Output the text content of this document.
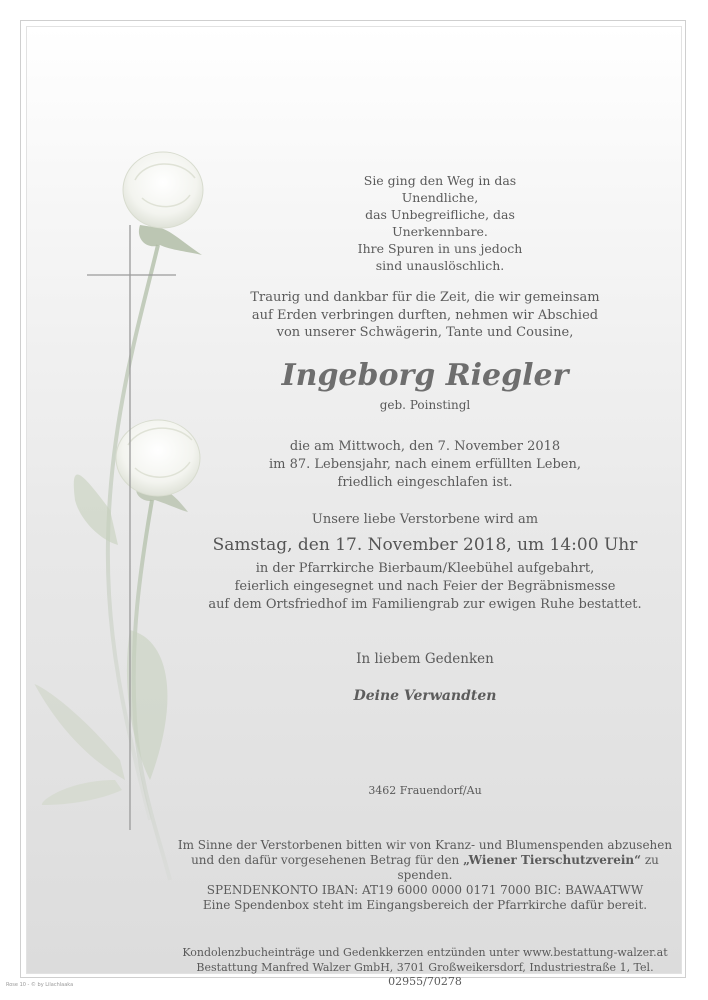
Sie ging den Weg in das Unendliche,
das Unbegreifliche, das Unerkennbare.
Ihre Spuren in uns jedoch
sind unauslöschlich.
Traurig und dankbar für die Zeit, die wir gemeinsam
auf Erden verbringen durften, nehmen wir Abschied
von unserer Schwägerin, Tante und Cousine,
Ingeborg Riegler
geb. Poinstingl
die am Mittwoch, den 7. November 2018
im 87. Lebensjahr, nach einem erfüllten Leben,
friedlich eingeschlafen ist.
Unsere liebe Verstorbene wird am
Samstag, den 17. November 2018, um 14:00 Uhr
in der Pfarrkirche Bierbaum/Kleebühel aufgebahrt,
feierlich eingesegnet und nach Feier der Begräbnismesse
auf dem Ortsfriedhof im Familiengrab zur ewigen Ruhe bestattet.
In liebem Gedenken
Deine Verwandten
3462 Frauendorf/Au
Im Sinne der Verstorbenen bitten wir von Kranz- und Blumenspenden abzusehen
und den dafür vorgesehenen Betrag für den „Wiener Tierschutzverein“ zu spenden.
SPENDENKONTO IBAN: AT19 6000 0000 0171 7000 BIC: BAWAATWW
Eine Spendenbox steht im Eingangsbereich der Pfarrkirche dafür bereit.
Kondolenzbucheinträge und Gedenkkerzen entzünden unter www.bestattung-walzer.at
Bestattung Manfred Walzer GmbH, 3701 Großweikersdorf, Industriestraße 1, Tel. 02955/70278
Rose 10 - © by Lilachlaaka
